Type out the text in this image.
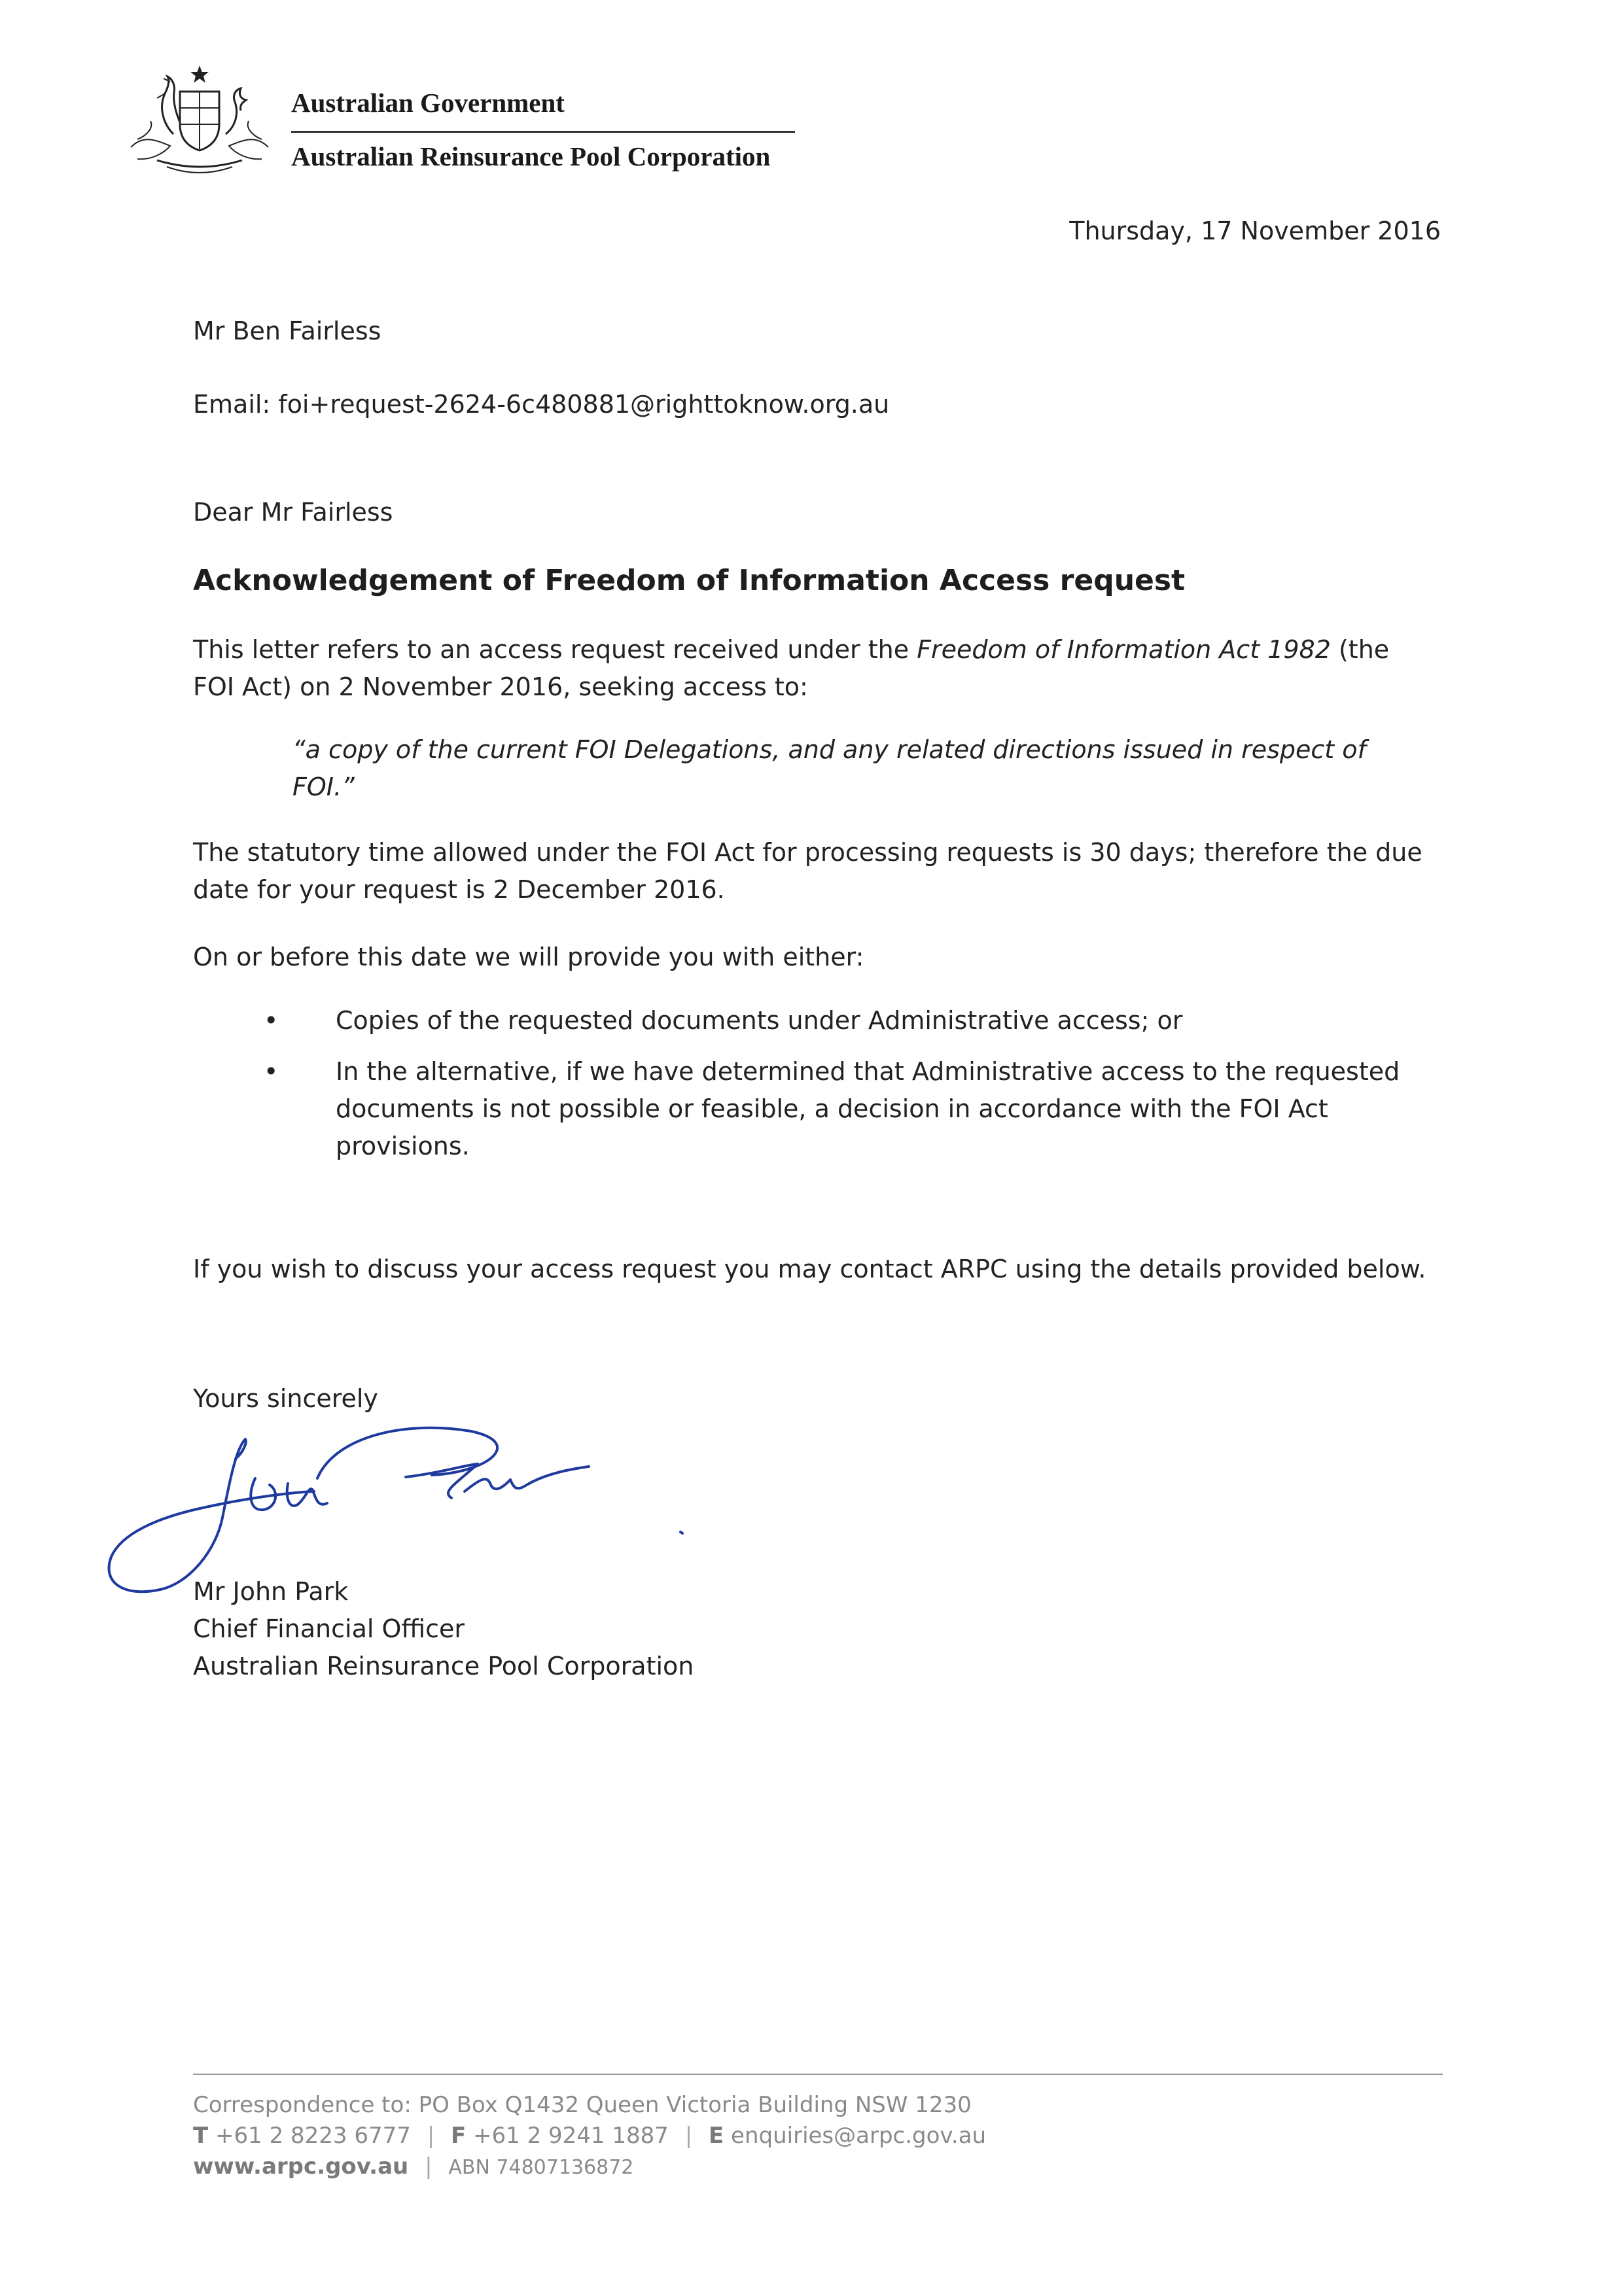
Australian Government
Australian Reinsurance Pool Corporation
Thursday, 17 November 2016
Mr Ben Fairless
Email: foi+request-2624-6c480881@righttoknow.org.au
Dear Mr Fairless
Acknowledgement of Freedom of Information Access request
This letter refers to an access request received under the Freedom of Information Act 1982 (the FOI Act) on 2 November 2016, seeking access to:
“a copy of the current FOI Delegations, and any related directions issued in respect of FOI.”
The statutory time allowed under the FOI Act for processing requests is 30 days; therefore the due date for your request is 2 December 2016.
On or before this date we will provide you with either:
• Copies of the requested documents under Administrative access; or
• In the alternative, if we have determined that Administrative access to the requested documents is not possible or feasible, a decision in accordance with the FOI Act provisions.
If you wish to discuss your access request you may contact ARPC using the details provided below.
Yours sincerely
Mr John Park
Chief Financial Officer
Australian Reinsurance Pool Corporation
Correspondence to: PO Box Q1432 Queen Victoria Building NSW 1230
T +61 2 8223 6777 | F +61 2 9241 1887 | E enquiries@arpc.gov.au
www.arpc.gov.au | ABN 74807136872
